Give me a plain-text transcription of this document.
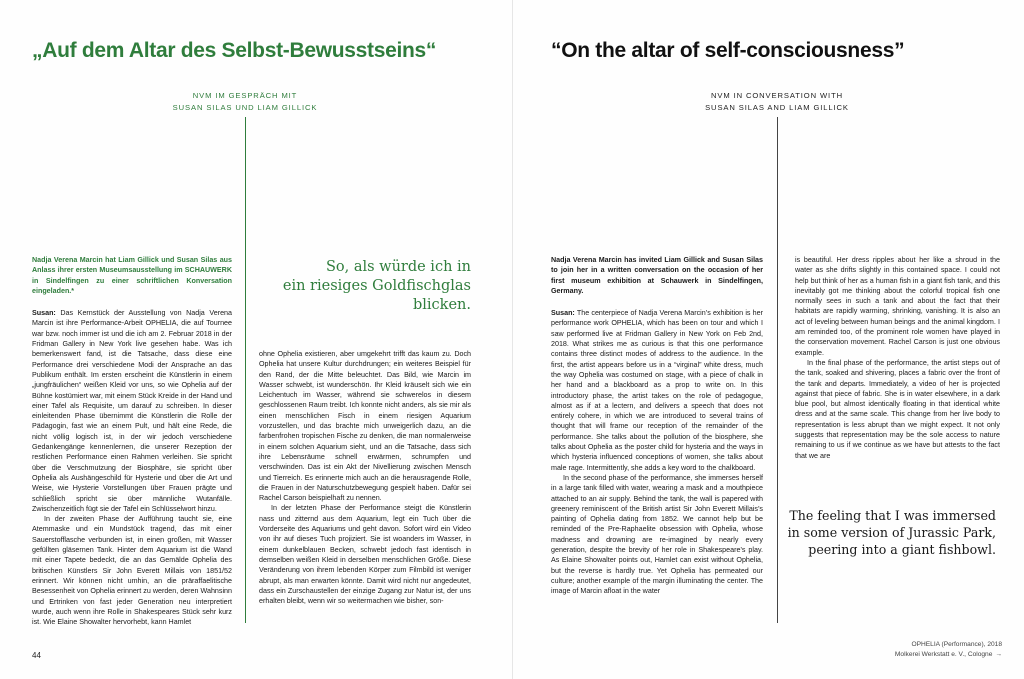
„Auf dem Altar des Selbst-Bewusstseins“
NVM IM GESPRÄCH MIT
SUSAN SILAS UND LIAM GILLICK

Nadja Verena Marcin hat Liam Gillick und Susan Silas aus Anlass ihrer ersten Museumsausstellung im SCHAUWERK in Sindelfingen zu einer schriftlichen Konversation eingeladen.*

Susan: Das Kernstück der Ausstellung von Nadja Verena Marcin ist ihre Performance-Arbeit OPHELIA, die auf Tournee war bzw. noch immer ist und die ich am 2. Februar 2018 in der Fridman Gallery in New York live gesehen habe. Was ich bemerkenswert fand, ist die Tatsache, dass diese eine Performance drei verschiedene Modi der Ansprache an das Publikum enthält. Im ersten erscheint die Künstlerin in einem „jungfräulichen“ weißen Kleid vor uns, so wie Ophelia auf der Bühne kostümiert war, mit einem Stück Kreide in der Hand und einer Tafel als Requisite, um darauf zu schreiben. In dieser einleitenden Phase übernimmt die Künstlerin die Rolle der Pädagogin, fast wie an einem Pult, und hält eine Rede, die nicht völlig logisch ist, in der wir jedoch verschiedene Gedankengänge kennenlernen, die unserer Rezeption der restlichen Performance einen Rahmen verleihen. Sie spricht über die Verschmutzung der Biosphäre, sie spricht über Ophelia als Aushängeschild für Hysterie und über die Art und Weise, wie Hysterie Vorstellungen über Frauen prägte und schließlich spricht sie über männliche Wutanfälle. Zwischenzeitlich fügt sie der Tafel ein Schlüsselwort hinzu.

In der zweiten Phase der Aufführung taucht sie, eine Atemmaske und ein Mundstück tragend, das mit einer Sauerstofflasche verbunden ist, in einen großen, mit Wasser gefüllten gläsernen Tank. Hinter dem Aquarium ist die Wand mit einer Tapete bedeckt, die an das Gemälde Ophelia des britischen Künstlers Sir John Everett Millais von 1851/52 erinnert. Wir können nicht umhin, an die präraffaelitische Besessenheit von Ophelia erinnert zu werden, deren Wahnsinn und Ertrinken von fast jeder Generation neu interpretiert wurde, auch wenn ihre Rolle in Shakespeares Stück sehr kurz ist. Wie Elaine Showalter hervorhebt, kann Hamlet

So, als würde ich in
ein riesiges Goldfischglas
blicken.

ohne Ophelia existieren, aber umgekehrt trifft das kaum zu. Doch Ophelia hat unsere Kultur durchdrungen; ein weiteres Beispiel für den Rand, der die Mitte beleuchtet. Das Bild, wie Marcin im Wasser schwebt, ist wunderschön. Ihr Kleid kräuselt sich wie ein Leichentuch im Wasser, während sie schwerelos in diesem geschlossenen Raum treibt. Ich konnte nicht anders, als sie mir als einen menschlichen Fisch in einem riesigen Aquarium vorzustellen, und das brachte mich unweigerlich dazu, an die farbenfrohen tropischen Fische zu denken, die man normalerweise in einem solchen Aquarium sieht, und an die Tatsache, dass sich ihre Lebensräume schnell erwärmen, schrumpfen und verschwinden. Das ist ein Akt der Nivellierung zwischen Mensch und Tierreich. Es erinnerte mich auch an die herausragende Rolle, die Frauen in der Naturschutzbewegung gespielt haben. Dafür sei Rachel Carson beispielhaft zu nennen.

In der letzten Phase der Performance steigt die Künstlerin nass und zitternd aus dem Aquarium, legt ein Tuch über die Vorderseite des Aquariums und geht davon. Sofort wird ein Video von ihr auf dieses Tuch projiziert. Sie ist woanders im Wasser, in einem dunkelblauen Becken, schwebt jedoch fast identisch in demselben weißen Kleid in derselben menschlichen Größe. Diese Veränderung von ihrem lebenden Körper zum Filmbild ist weniger abrupt, als man erwarten könnte. Damit wird nicht nur angedeutet, dass ein Zurschaustellen der einzige Zugang zur Natur ist, der uns erhalten bleibt, wenn wir so weitermachen wie bisher, son-

44
“On the altar of self-consciousness”
NVM IN CONVERSATION WITH
SUSAN SILAS AND LIAM GILLICK

Nadja Verena Marcin has invited Liam Gillick and Susan Silas to join her in a written conversation on the occasion of her first museum exhibition at Schauwerk in Sindelfingen, Germany.

Susan: The centerpiece of Nadja Verena Marcin’s exhibition is her performance work OPHELIA, which has been on tour and which I saw performed live at Fridman Gallery in New York on Feb 2nd, 2018. What strikes me as curious is that this one performance contains three distinct modes of address to the audience. In the first, the artist appears before us in a “virginal” white dress, much the way Ophelia was costumed on stage, with a piece of chalk in her hand and a blackboard as a prop to write on. In this introductory phase, the artist takes on the role of pedagogue, almost as if at a lectern, and delivers a speech that does not entirely cohere, in which we are introduced to several trains of thought that will frame our reception of the remainder of the performance. She talks about the pollution of the biosphere, she talks about Ophelia as the poster child for hysteria and the ways in which hysteria influenced conceptions of women, she talks about male rage. Intermittently, she adds a key word to the chalkboard.

In the second phase of the performance, she immerses herself in a large tank filled with water, wearing a mask and a mouthpiece attached to an air supply. Behind the tank, the wall is papered with greenery reminiscent of the British artist Sir John Everett Millais’s painting of Ophelia dating from 1852. We cannot help but be reminded of the Pre-Raphaelite obsession with Ophelia, whose madness and drowning are re-imagined by nearly every generation, despite the brevity of her role in Shakespeare’s play. As Elaine Showalter points out, Hamlet can exist without Ophelia, but the reverse is hardly true. Yet Ophelia has permeated our culture; another example of the margin illuminating the center. The image of Marcin afloat in the water

is beautiful. Her dress ripples about her like a shroud in the water as she drifts slightly in this contained space. I could not help but think of her as a human fish in a giant fish tank, and this inevitably got me thinking about the colorful tropical fish one normally sees in such a tank and about the fact that their habitats are rapidly warming, shrinking, vanishing. It is also an act of leveling between human beings and the animal kingdom. I am reminded too, of the prominent role women have played in the conservation movement. Rachel Carson is just one obvious example.

In the final phase of the performance, the artist steps out of the tank, soaked and shivering, places a fabric over the front of the tank and departs. Immediately, a video of her is projected against that piece of fabric. She is in water elsewhere, in a dark blue pool, but almost identically floating in that identical white dress and at the same scale. This change from her live body to representation is less abrupt than we might expect. It not only suggests that representation may be the sole access to nature remaining to us if we continue as we have but attests to the fact that we are

The feeling that I was immersed
in some version of Jurassic Park,
peering into a giant fishbowl.
OPHELIA (Performance), 2018
Molkerei Werkstatt e. V., Cologne →
